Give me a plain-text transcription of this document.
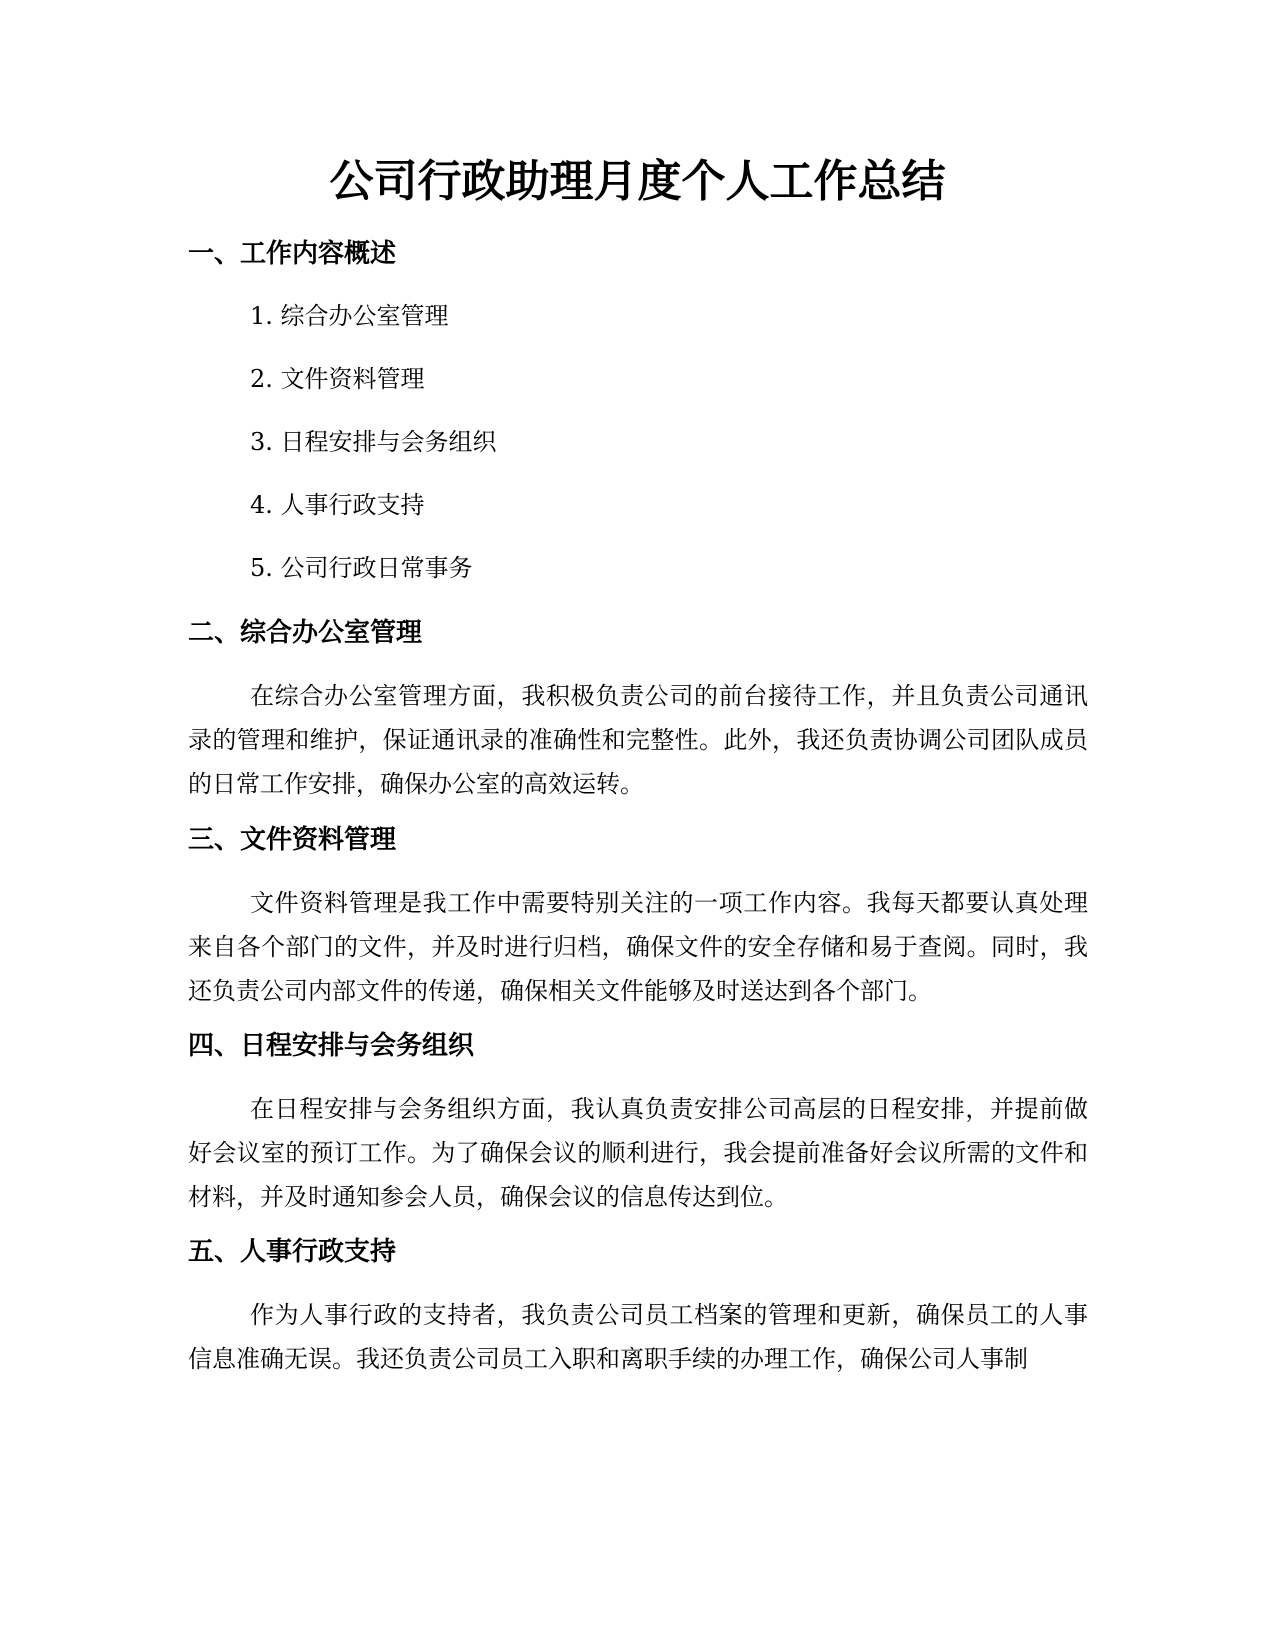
公司行政助理月度个人工作总结
一、工作内容概述

1. 综合办公室管理

2. 文件资料管理

3. 日程安排与会务组织

4. 人事行政支持

5. 公司行政日常事务

二、综合办公室管理

在综合办公室管理方面，我积极负责公司的前台接待工作，并且负责公司通讯录的管理和维护，保证通讯录的准确性和完整性。此外，我还负责协调公司团队成员的日常工作安排，确保办公室的高效运转。

三、文件资料管理

文件资料管理是我工作中需要特别关注的一项工作内容。我每天都要认真处理来自各个部门的文件，并及时进行归档，确保文件的安全存储和易于查阅。同时，我还负责公司内部文件的传递，确保相关文件能够及时送达到各个部门。

四、日程安排与会务组织

在日程安排与会务组织方面，我认真负责安排公司高层的日程安排，并提前做好会议室的预订工作。为了确保会议的顺利进行，我会提前准备好会议所需的文件和材料，并及时通知参会人员，确保会议的信息传达到位。

五、人事行政支持

作为人事行政的支持者，我负责公司员工档案的管理和更新，确保员工的人事信息准确无误。我还负责公司员工入职和离职手续的办理工作，确保公司人事制
